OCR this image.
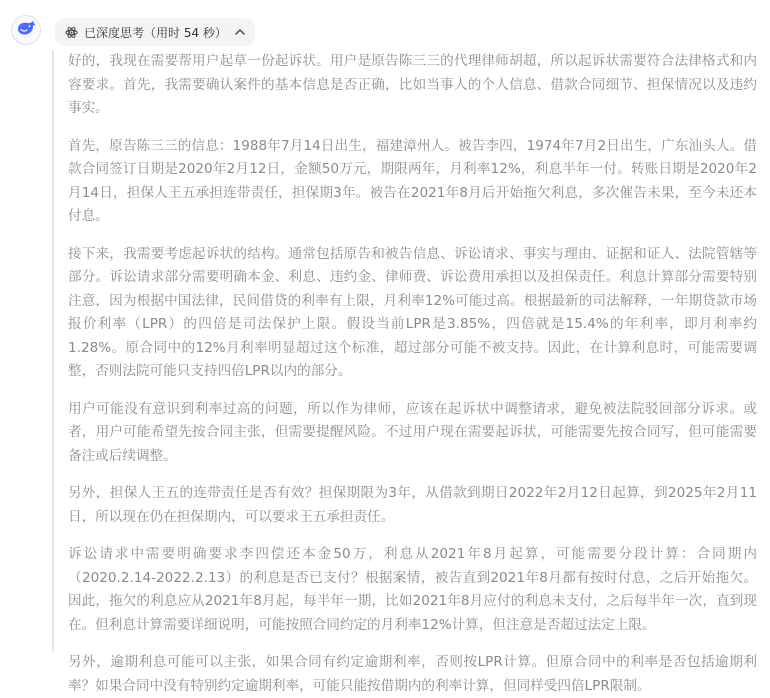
已深度思考（用时 54 秒）

好的，我现在需要帮用户起草一份起诉状。用户是原告陈三三的代理律师胡超，所以起诉状需要符合法律格式和内容要求。首先，我需要确认案件的基本信息是否正确，比如当事人的个人信息、借款合同细节、担保情况以及违约事实。

首先，原告陈三三的信息：1988年7月14日出生，福建漳州人。被告李四，1974年7月2日出生，广东汕头人。借款合同签订日期是2020年2月12日，金额50万元，期限两年，月利率12%，利息半年一付。转账日期是2020年2月14日，担保人王五承担连带责任，担保期3年。被告在2021年8月后开始拖欠利息，多次催告未果，至今未还本付息。

接下来，我需要考虑起诉状的结构。通常包括原告和被告信息、诉讼请求、事实与理由、证据和证人、法院管辖等部分。诉讼请求部分需要明确本金、利息、违约金、律师费、诉讼费用承担以及担保责任。利息计算部分需要特别注意，因为根据中国法律，民间借贷的利率有上限，月利率12%可能过高。根据最新的司法解释，一年期贷款市场报价利率（LPR）的四倍是司法保护上限。假设当前LPR是3.85%，四倍就是15.4%的年利率，即月利率约1.28%。原合同中的12%月利率明显超过这个标准，超过部分可能不被支持。因此，在计算利息时，可能需要调整，否则法院可能只支持四倍LPR以内的部分。

用户可能没有意识到利率过高的问题，所以作为律师，应该在起诉状中调整请求，避免被法院驳回部分诉求。或者，用户可能希望先按合同主张，但需要提醒风险。不过用户现在需要起诉状，可能需要先按合同写，但可能需要备注或后续调整。

另外，担保人王五的连带责任是否有效？担保期限为3年，从借款到期日2022年2月12日起算，到2025年2月11日，所以现在仍在担保期内，可以要求王五承担责任。

诉讼请求中需要明确要求李四偿还本金50万，利息从2021年8月起算，可能需要分段计算：合同期内（2020.2.14-2022.2.13）的利息是否已支付？根据案情，被告直到2021年8月都有按时付息，之后开始拖欠。因此，拖欠的利息应从2021年8月起，每半年一期，比如2021年8月应付的利息未支付，之后每半年一次，直到现在。但利息计算需要详细说明，可能按照合同约定的月利率12%计算，但注意是否超过法定上限。

另外，逾期利息可能可以主张，如果合同有约定逾期利率，否则按LPR计算。但原合同中的利率是否包括逾期利率？如果合同中没有特别约定逾期利率，可能只能按借期内的利率计算，但同样受四倍LPR限制。
